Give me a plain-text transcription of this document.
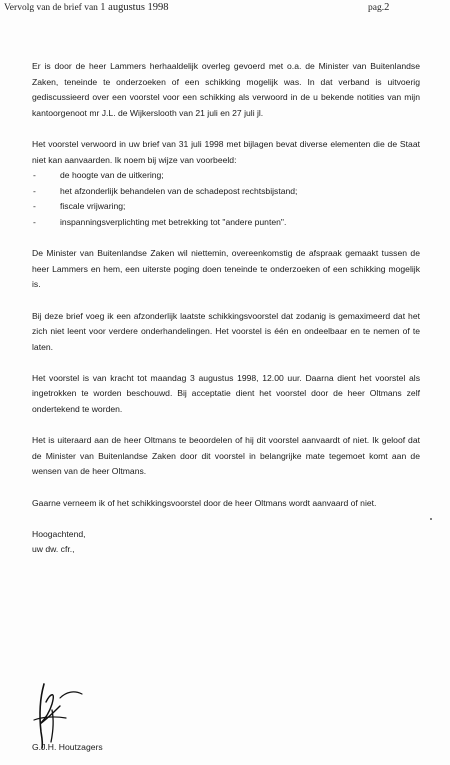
Vervolg van de brief van 1 augustus 1998	pag.2

Er is door de heer Lammers herhaaldelijk overleg gevoerd met o.a. de Minister van Buitenlandse Zaken, teneinde te onderzoeken of een schikking mogelijk was. In dat verband is uitvoerig gediscussieerd over een voorstel voor een schikking als verwoord in de u bekende notities van mijn kantoorgenoot mr J.L. de Wijkerslooth van 21 juli en 27 juli jl.

Het voorstel verwoord in uw brief van 31 juli 1998 met bijlagen bevat diverse elementen die de Staat niet kan aanvaarden. Ik noem bij wijze van voorbeeld:

-	de hoogte van de uitkering;
-	het afzonderlijk behandelen van de schadepost rechtsbijstand;
-	fiscale vrijwaring;
-	inspanningsverplichting met betrekking tot "andere punten".

De Minister van Buitenlandse Zaken wil niettemin, overeenkomstig de afspraak gemaakt tussen de heer Lammers en hem, een uiterste poging doen teneinde te onderzoeken of een schikking mogelijk is.

Bij deze brief voeg ik een afzonderlijk laatste schikkingsvoorstel dat zodanig is gemaximeerd dat het zich niet leent voor verdere onderhandelingen. Het voorstel is één en ondeelbaar en te nemen of te laten.

Het voorstel is van kracht tot maandag 3 augustus 1998, 12.00 uur. Daarna dient het voorstel als ingetrokken te worden beschouwd. Bij acceptatie dient het voorstel door de heer Oltmans zelf ondertekend te worden.

Het is uiteraard aan de heer Oltmans te beoordelen of hij dit voorstel aanvaardt of niet. Ik geloof dat de Minister van Buitenlandse Zaken door dit voorstel in belangrijke mate tegemoet komt aan de wensen van de heer Oltmans.

Gaarne verneem ik of het schikkingsvoorstel door de heer Oltmans wordt aanvaard of niet.

Hoogachtend,
uw dw. cfr.,
G.J.H. Houtzagers
